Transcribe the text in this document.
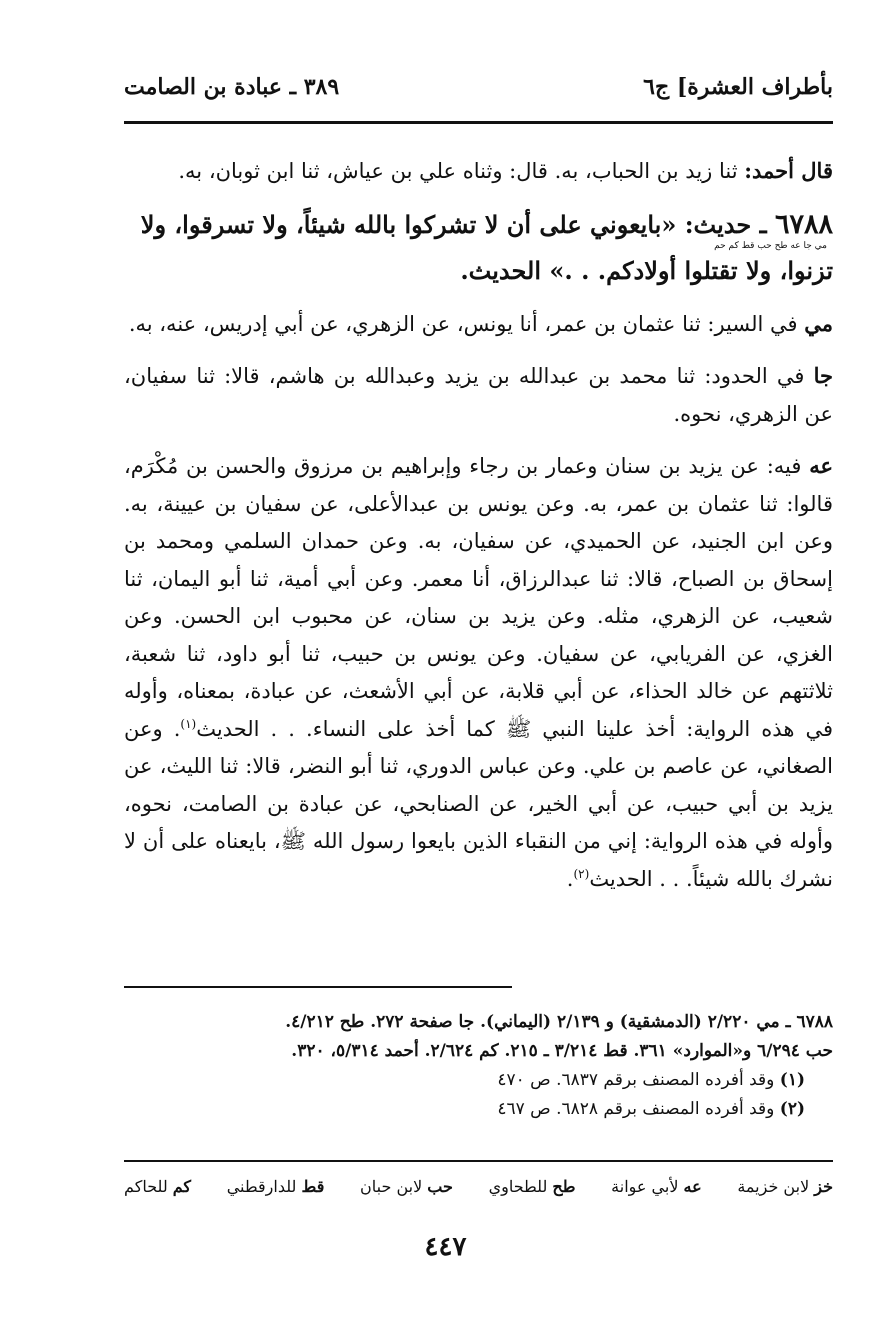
بأطراف العشرة] ج٦
٣٨٩ ـ عبادة بن الصامت

قال أحمد: ثنا زيد بن الحباب، به. قال: وثناه علي بن عياش، ثنا ابن ثوبان، به.

٦٧٨٨ ـ حديث: «بايعوني على أن لا تشركوا بالله شيئاً، ولا تسرقوا، ولا
مي جا عه طح حب قط كم حم
تزنوا، ولا تقتلوا أولادكم. . .» الحديث.

مي في السير: ثنا عثمان بن عمر، أنا يونس، عن الزهري، عن أبي إدريس، عنه، به.

جا في الحدود: ثنا محمد بن عبدالله بن يزيد وعبدالله بن هاشم، قالا: ثنا سفيان، عن الزهري، نحوه.

عه فيه: عن يزيد بن سنان وعمار بن رجاء وإبراهيم بن مرزوق والحسن بن مُكْرَم، قالوا: ثنا عثمان بن عمر، به. وعن يونس بن عبدالأعلى، عن سفيان بن عيينة، به. وعن ابن الجنيد، عن الحميدي، عن سفيان، به. وعن حمدان السلمي ومحمد بن إسحاق بن الصباح، قالا: ثنا عبدالرزاق، أنا معمر. وعن أبي أمية، ثنا أبو اليمان، ثنا شعيب، عن الزهري، مثله. وعن يزيد بن سنان، عن محبوب ابن الحسن. وعن الغزي، عن الفريابي، عن سفيان. وعن يونس بن حبيب، ثنا أبو داود، ثنا شعبة، ثلاثتهم عن خالد الحذاء، عن أبي قلابة، عن أبي الأشعث، عن عبادة، بمعناه، وأوله في هذه الرواية: أخذ علينا النبي ﷺ كما أخذ على النساء. . . الحديث$^{(١)}$. وعن الصغاني، عن عاصم بن علي. وعن عباس الدوري، ثنا أبو النضر، قالا: ثنا الليث، عن يزيد بن أبي حبيب، عن أبي الخير، عن الصنابحي، عن عبادة بن الصامت، نحوه، وأوله في هذه الرواية: إني من النقباء الذين بايعوا رسول الله ﷺ، بايعناه على أن لا نشرك بالله شيئاً. . . الحديث$^{(٢)}$.

٦٧٨٨ ـ مي ٢/٢٢٠ (الدمشقية) و ٢/١٣٩ (اليماني). جا صفحة ٢٧٢. طح ٤/٢١٢.

حب ٦/٢٩٤ و«الموارد» ٣٦١. قط ٣/٢١٤ ـ ٢١٥. كم ٢/٦٢٤. أحمد ٥/٣١٤، ٣٢٠.

(١) وقد أفرده المصنف برقم ٦٨٣٧. ص ٤٧٠

(٢) وقد أفرده المصنف برقم ٦٨٢٨. ص ٤٦٧

خز لابن خزيمة
عه لأبي عوانة
طح للطحاوي
حب لابن حبان
قط للدارقطني
كم للحاكم
٤٤٧
